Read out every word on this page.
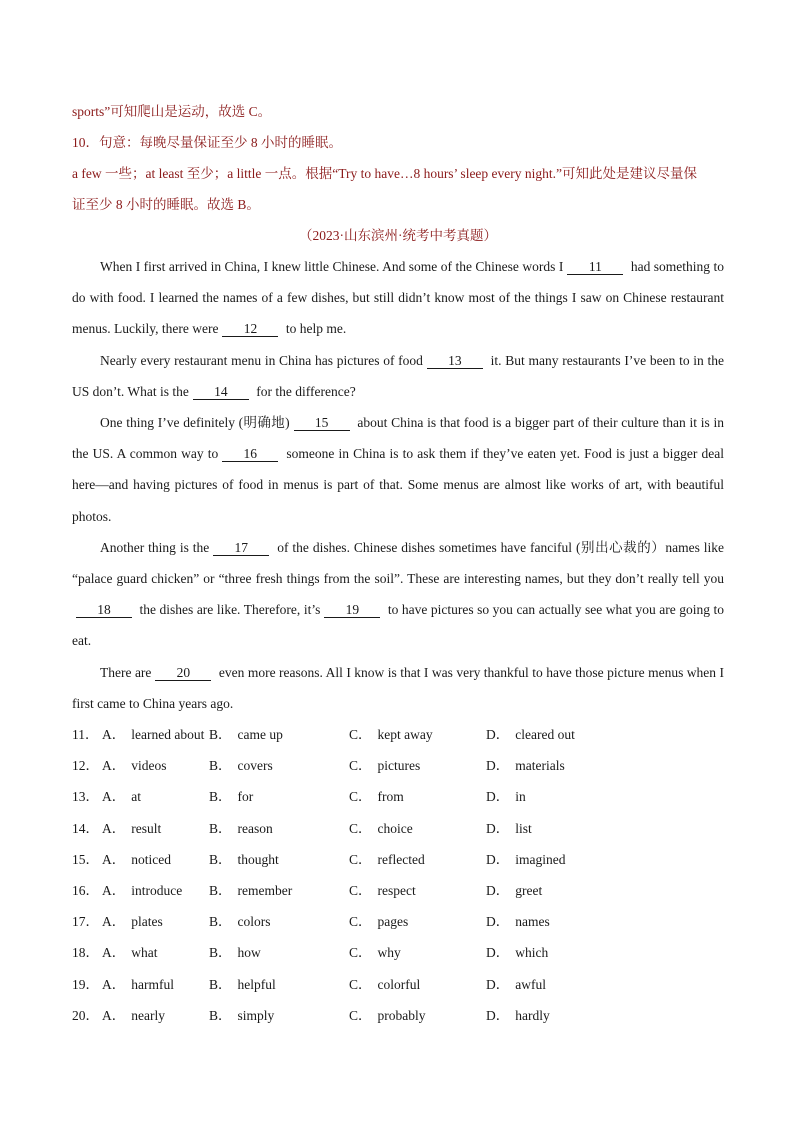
sports”可知爬山是运动，故选 C。

10．句意：每晚尽量保证至少 8 小时的睡眠。

a few 一些；at least 至少；a little 一点。根据“Try to have…8 hours’ sleep every night.”可知此处是建议尽量保
证至少 8 小时的睡眠。故选 B。

（2023·山东滨州·统考中考真题）

When I first arrived in China, I knew little Chinese. And some of the Chinese words I 11 had something to do with food. I learned the names of a few dishes, but still didn’t know most of the things I saw on Chinese restaurant menus. Luckily, there were 12 to help me.

Nearly every restaurant menu in China has pictures of food 13 it. But many restaurants I’ve been to in the US don’t. What is the 14 for the difference?

One thing I’ve definitely (明确地) 15 about China is that food is a bigger part of their culture than it is in the US. A common way to 16 someone in China is to ask them if they’ve eaten yet. Food is just a bigger deal here—and having pictures of food in menus is part of that. Some menus are almost like works of art, with beautiful photos.

Another thing is the 17 of the dishes. Chinese dishes sometimes have fanciful (别出心裁的）names like “palace guard chicken” or “three fresh things from the soil”. These are interesting names, but they don’t really tell you18 the dishes are like. Therefore, it’s 19 to have pictures so you can actually see what you are going to eat.

There are 20 even more reasons. All I know is that I was very thankful to have those picture menus when I first came to China years ago.

11． A． learned about B． came up	C． kept away	D． cleared out
12． A． videos	B． covers	C． pictures	D． materials
13． A． at	B． for	C． from	D． in
14． A． result	B． reason	C． choice	D． list
15． A． noticed	B． thought	C． reflected	D． imagined
16． A． introduce	B． remember	C． respect	D． greet
17． A． plates	B． colors	C． pages	D． names
18． A． what	B． how	C． why	D． which
19． A． harmful	B． helpful	C． colorful	D． awful
20． A． nearly	B． simply	C． probably	D． hardly
